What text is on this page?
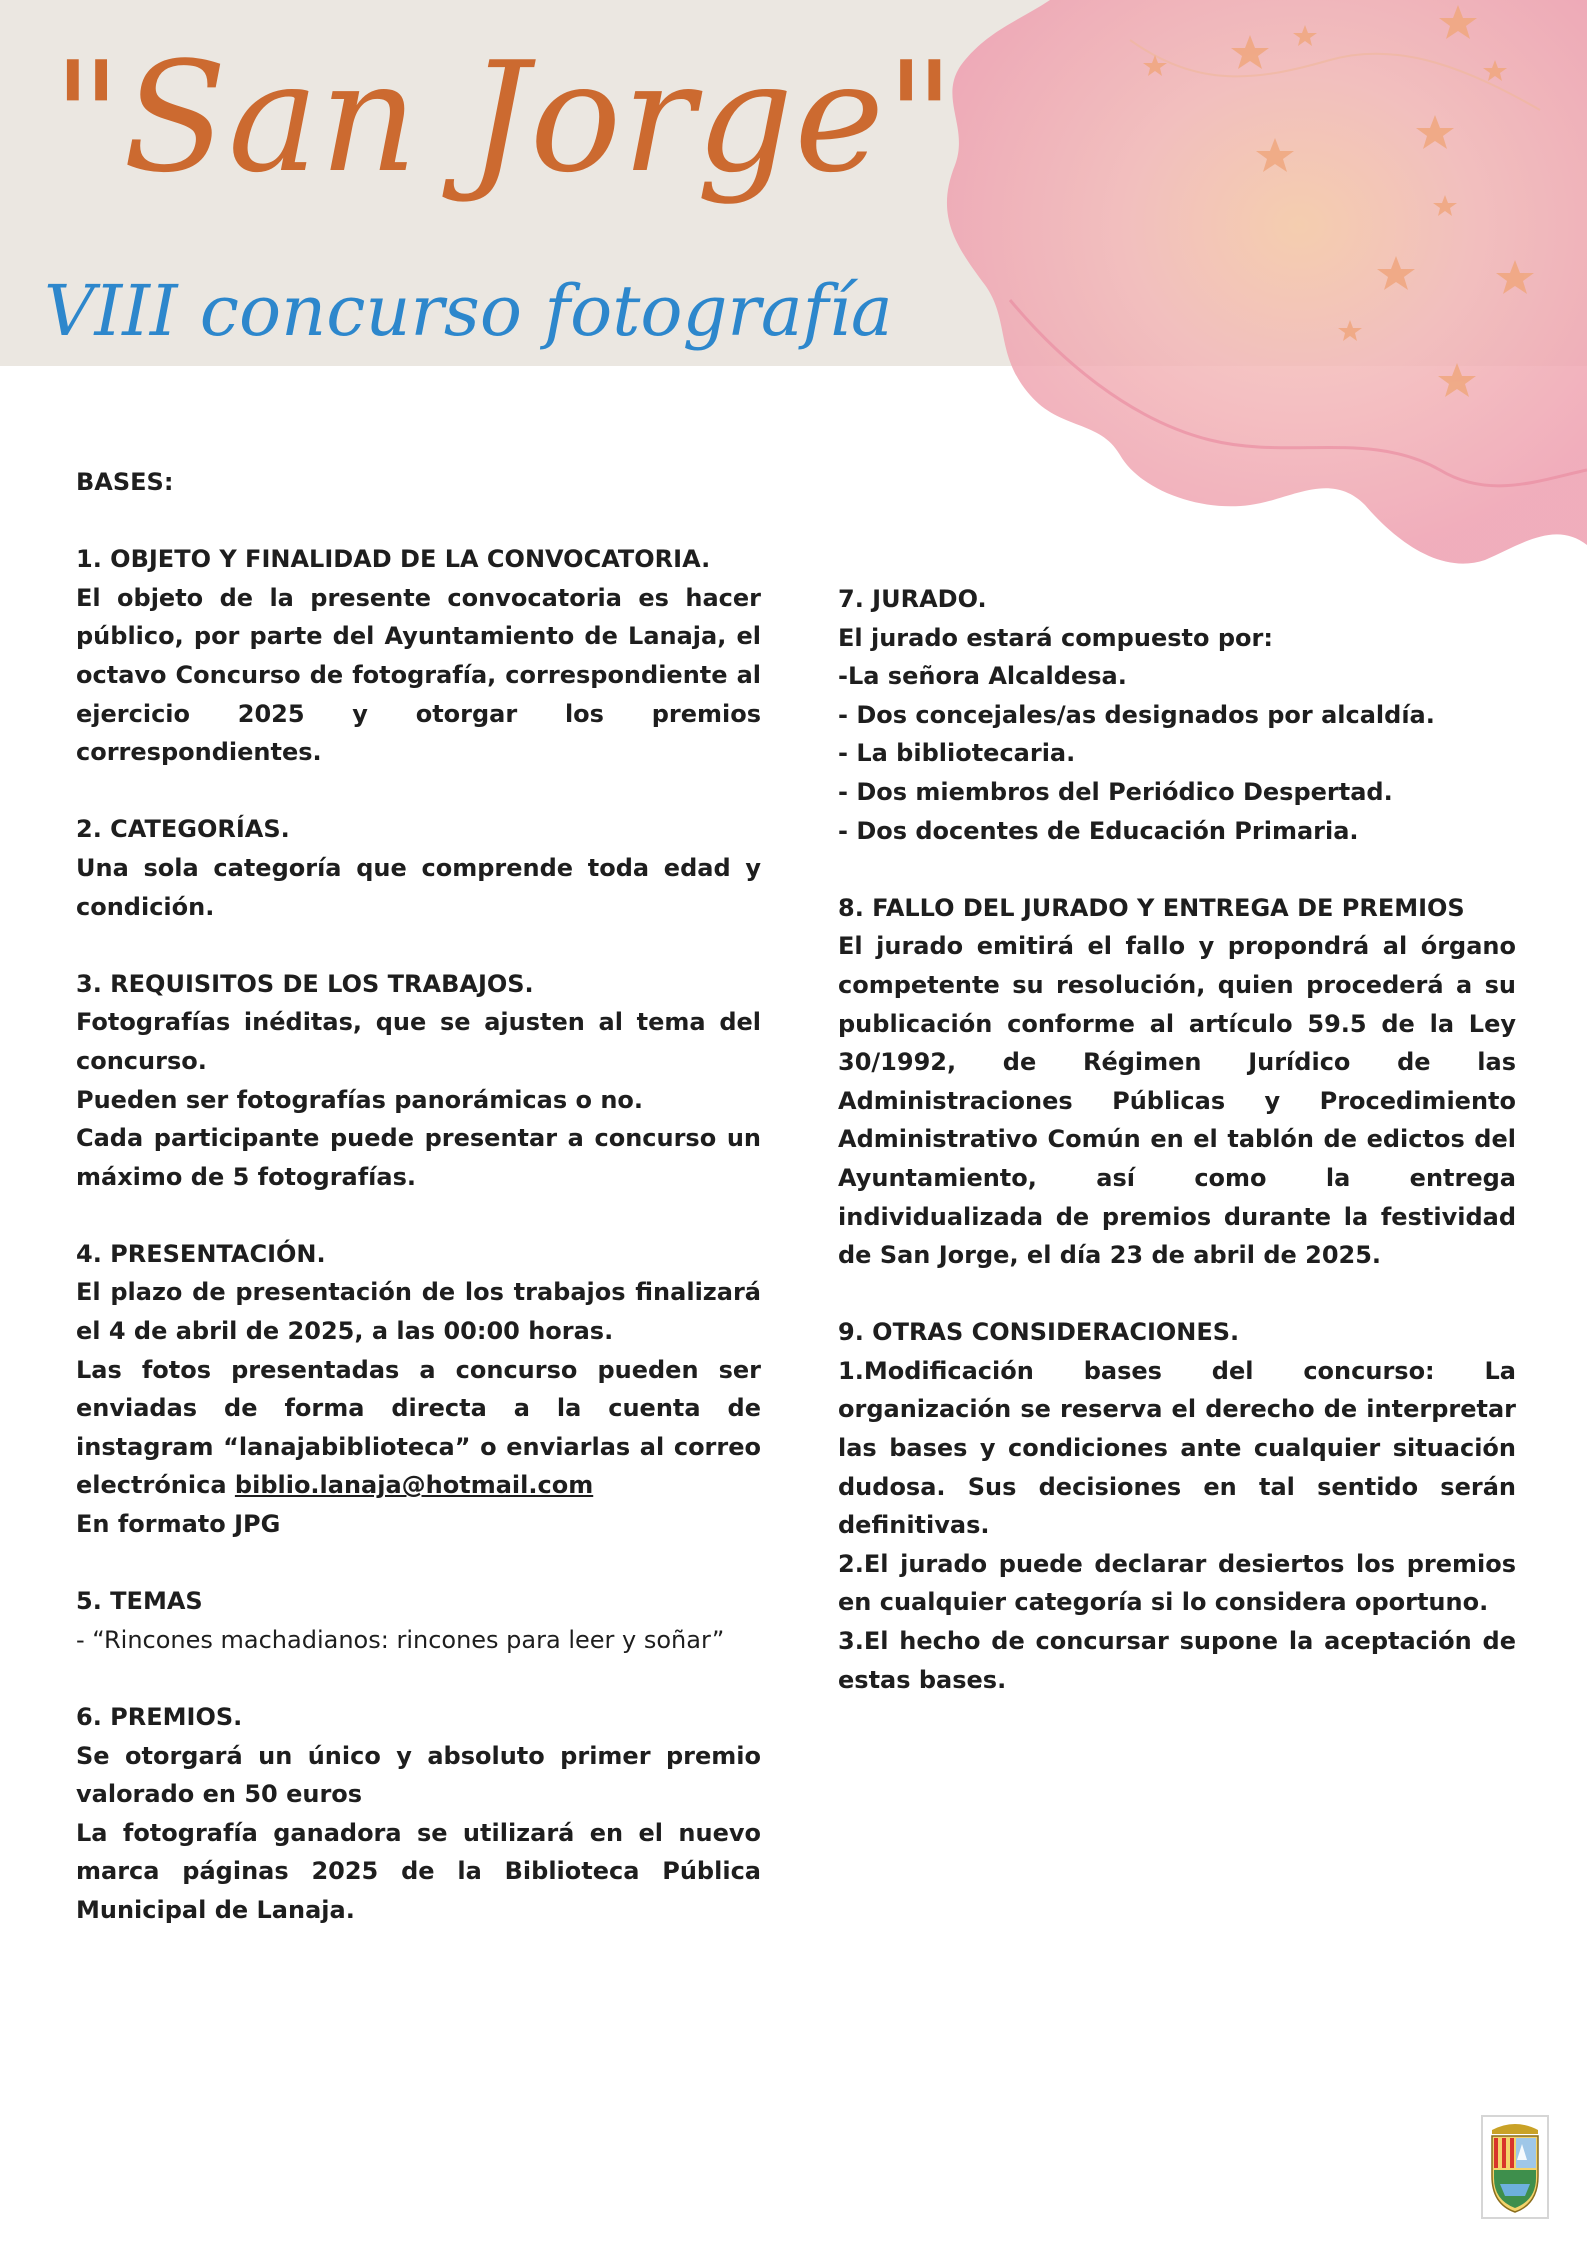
"San Jorge"
VIII concurso fotografía

BASES:

1. OBJETO Y FINALIDAD DE LA CONVOCATORIA.

El objeto de la presente convocatoria es hacer público, por parte del Ayuntamiento de Lanaja, el octavo Concurso de fotografía, correspondiente al ejercicio 2025 y otorgar los premios correspondientes.

2. CATEGORÍAS.

Una sola categoría que comprende toda edad y condición.

3. REQUISITOS DE LOS TRABAJOS.

Fotografías inéditas, que se ajusten al tema del concurso.

Pueden ser fotografías panorámicas o no.

Cada participante puede presentar a concurso un máximo de 5 fotografías.

4. PRESENTACIÓN.

El plazo de presentación de los trabajos finalizará el 4 de abril de 2025, a las 00:00 horas.

Las fotos presentadas a concurso pueden ser enviadas de forma directa a la cuenta de instagram “lanajabiblioteca” o enviarlas al correo electrónica biblio.lanaja@hotmail.com

En formato JPG

5. TEMAS

- “Rincones machadianos: rincones para leer y soñar”

6. PREMIOS.

Se otorgará un único y absoluto primer premio valorado en 50 euros

La fotografía ganadora se utilizará en el nuevo marca páginas 2025 de la Biblioteca Pública Municipal de Lanaja.

7. JURADO.

El jurado estará compuesto por:

-La señora Alcaldesa.

- Dos concejales/as designados por alcaldía.

- La bibliotecaria.

- Dos miembros del Periódico Despertad.

- Dos docentes de Educación Primaria.

8. FALLO DEL JURADO Y ENTREGA DE PREMIOS

El jurado emitirá el fallo y propondrá al órgano competente su resolución, quien procederá a su publicación conforme al artículo 59.5 de la Ley 30/1992, de Régimen Jurídico de las Administraciones Públicas y Procedimiento Administrativo Común en el tablón de edictos del Ayuntamiento, así como la entrega individualizada de premios durante la festividad de San Jorge, el día 23 de abril de 2025.

9. OTRAS CONSIDERACIONES.

1.Modificación bases del concurso: La organización se reserva el derecho de interpretar las bases y condiciones ante cualquier situación dudosa. Sus decisiones en tal sentido serán definitivas.

2.El jurado puede declarar desiertos los premios en cualquier categoría si lo considera oportuno.

3.El hecho de concursar supone la aceptación de estas bases.
